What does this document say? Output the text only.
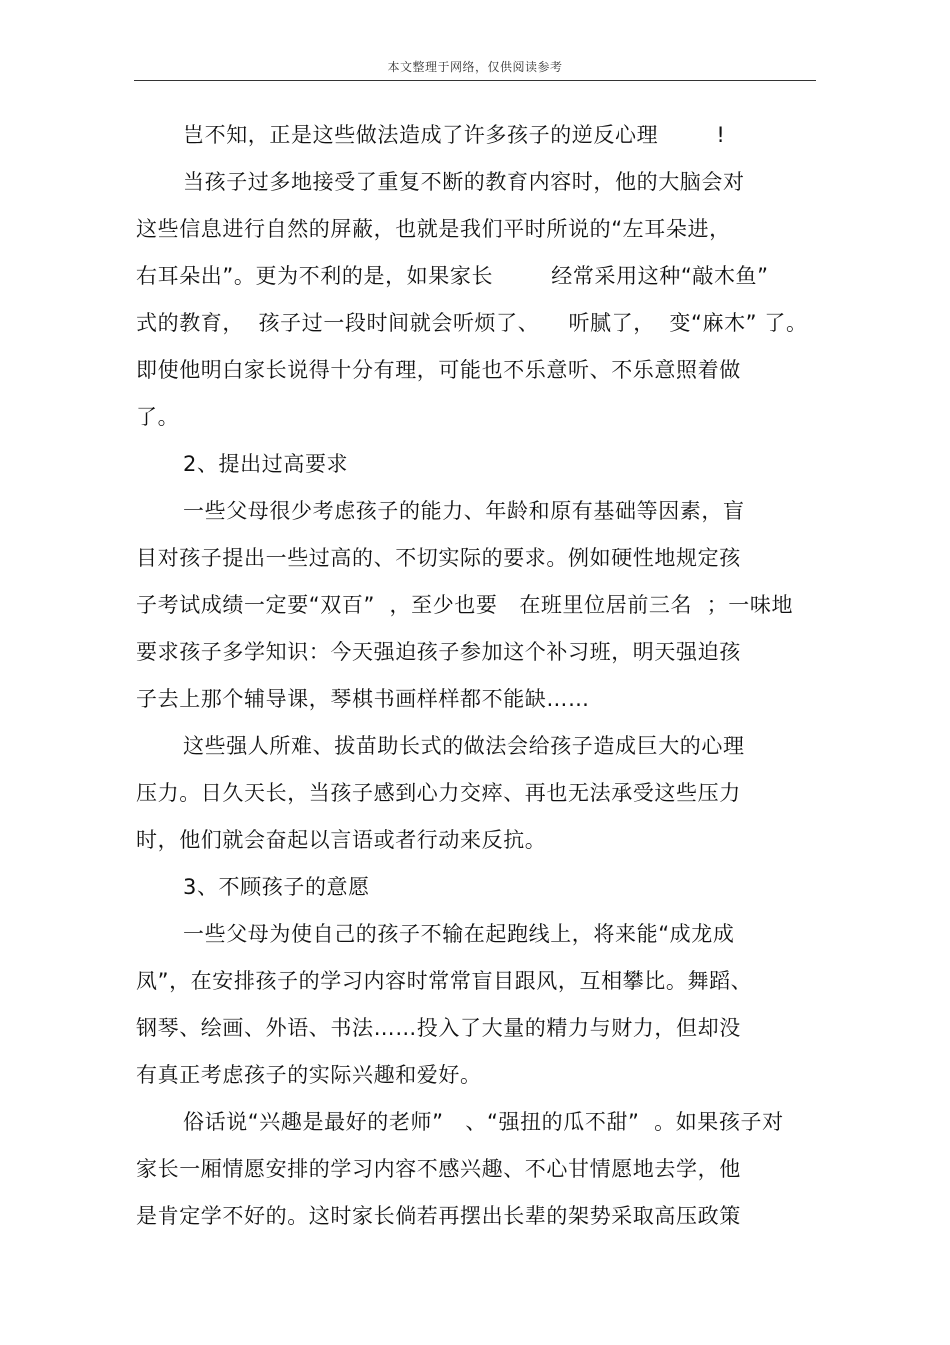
本文整理于网络，仅供阅读参考
岂不知，正是这些做法造成了许多孩子的逆反心理        !
当孩子过多地接受了重复不断的教育内容时，他的大脑会对
这些信息进行自然的屏蔽，也就是我们平时所说的“左耳朵进，
右耳朵出”。更为不利的是，如果家长        经常采用这种“敲木鱼”
式的教育，  孩子过一段时间就会听烦了、    听腻了，  变“麻木” 了。
即使他明白家长说得十分有理，可能也不乐意听、不乐意照着做
了。
2、提出过高要求
一些父母很少考虑孩子的能力、年龄和原有基础等因素，盲
目对孩子提出一些过高的、不切实际的要求。例如硬性地规定孩
子考试成绩一定要“双百”  ，至少也要   在班里位居前三名  ；一味地
要求孩子多学知识：今天强迫孩子参加这个补习班，明天强迫孩
子去上那个辅导课，琴棋书画样样都不能缺……
这些强人所难、拔苗助长式的做法会给孩子造成巨大的心理
压力。日久天长，当孩子感到心力交瘁、再也无法承受这些压力
时，他们就会奋起以言语或者行动来反抗。
3、不顾孩子的意愿
一些父母为使自己的孩子不输在起跑线上，将来能“成龙成
凤”，在安排孩子的学习内容时常常盲目跟风，互相攀比。舞蹈、
钢琴、绘画、外语、书法……投入了大量的精力与财力，但却没
有真正考虑孩子的实际兴趣和爱好。
俗话说“兴趣是最好的老师”   、“强扭的瓜不甜”  。如果孩子对
家长一厢情愿安排的学习内容不感兴趣、不心甘情愿地去学，他
是肯定学不好的。这时家长倘若再摆出长辈的架势采取高压政策
